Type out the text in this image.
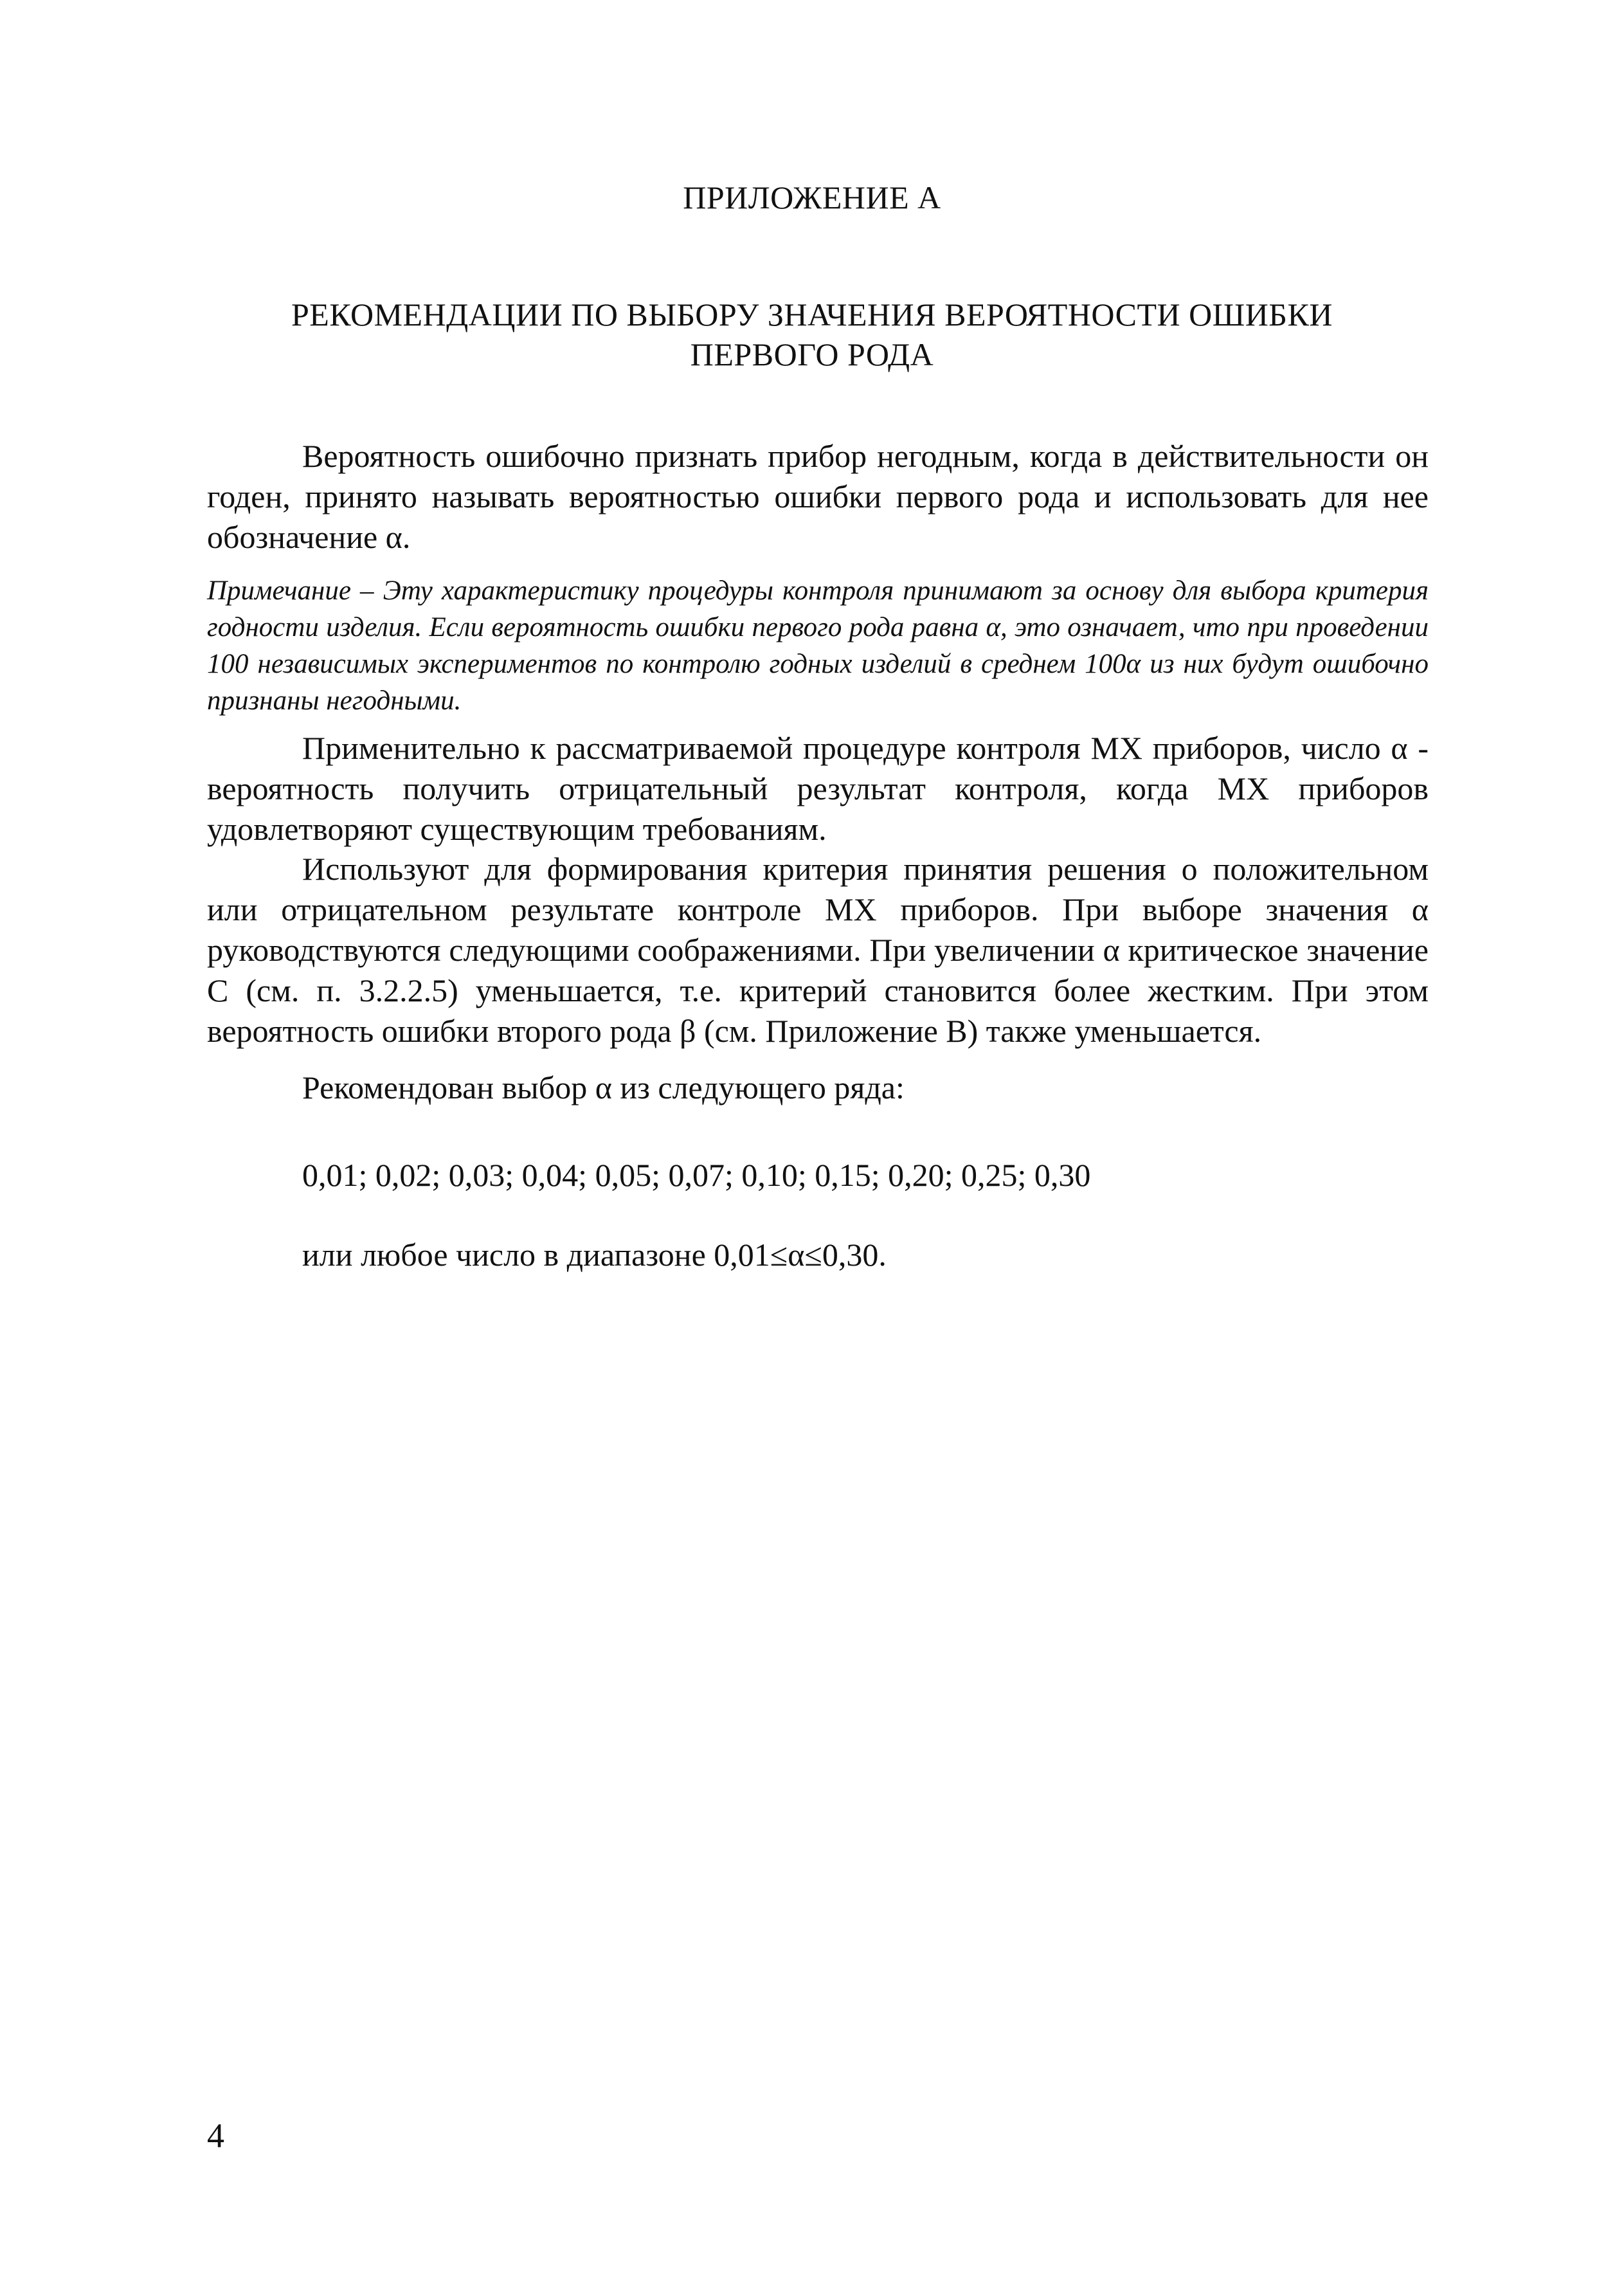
ПРИЛОЖЕНИЕ А
РЕКОМЕНДАЦИИ ПО ВЫБОРУ ЗНАЧЕНИЯ ВЕРОЯТНОСТИ ОШИБКИ
ПЕРВОГО РОДА

Вероятность ошибочно признать прибор негодным, когда в действительности он годен, принято называть вероятностью ошибки первого рода и использовать для нее обозначение α.

Примечание – Эту характеристику процедуры контроля принимают за основу для выбора критерия годности изделия. Если вероятность ошибки первого рода равна α, это означает, что при проведении 100 независимых экспериментов по контролю годных изделий в среднем 100α из них будут ошибочно признаны негодными.

Применительно к рассматриваемой процедуре контроля МХ приборов, число α - вероятность получить отрицательный результат контроля, когда МХ приборов удовлетворяют существующим требованиям.

Используют для формирования критерия принятия решения о положительном или отрицательном результате контроле МХ приборов. При выборе значения α руководствуются следующими соображениями. При увеличении α критическое значение С (см. п. 3.2.2.5) уменьшается, т.е. критерий становится более жестким. При этом вероятность ошибки второго рода β (см. Приложение В) также уменьшается.

Рекомендован выбор α из следующего ряда:
0,01; 0,02; 0,03; 0,04; 0,05; 0,07; 0,10; 0,15; 0,20; 0,25; 0,30
или любое число в диапазоне 0,01≤α≤0,30.
4
